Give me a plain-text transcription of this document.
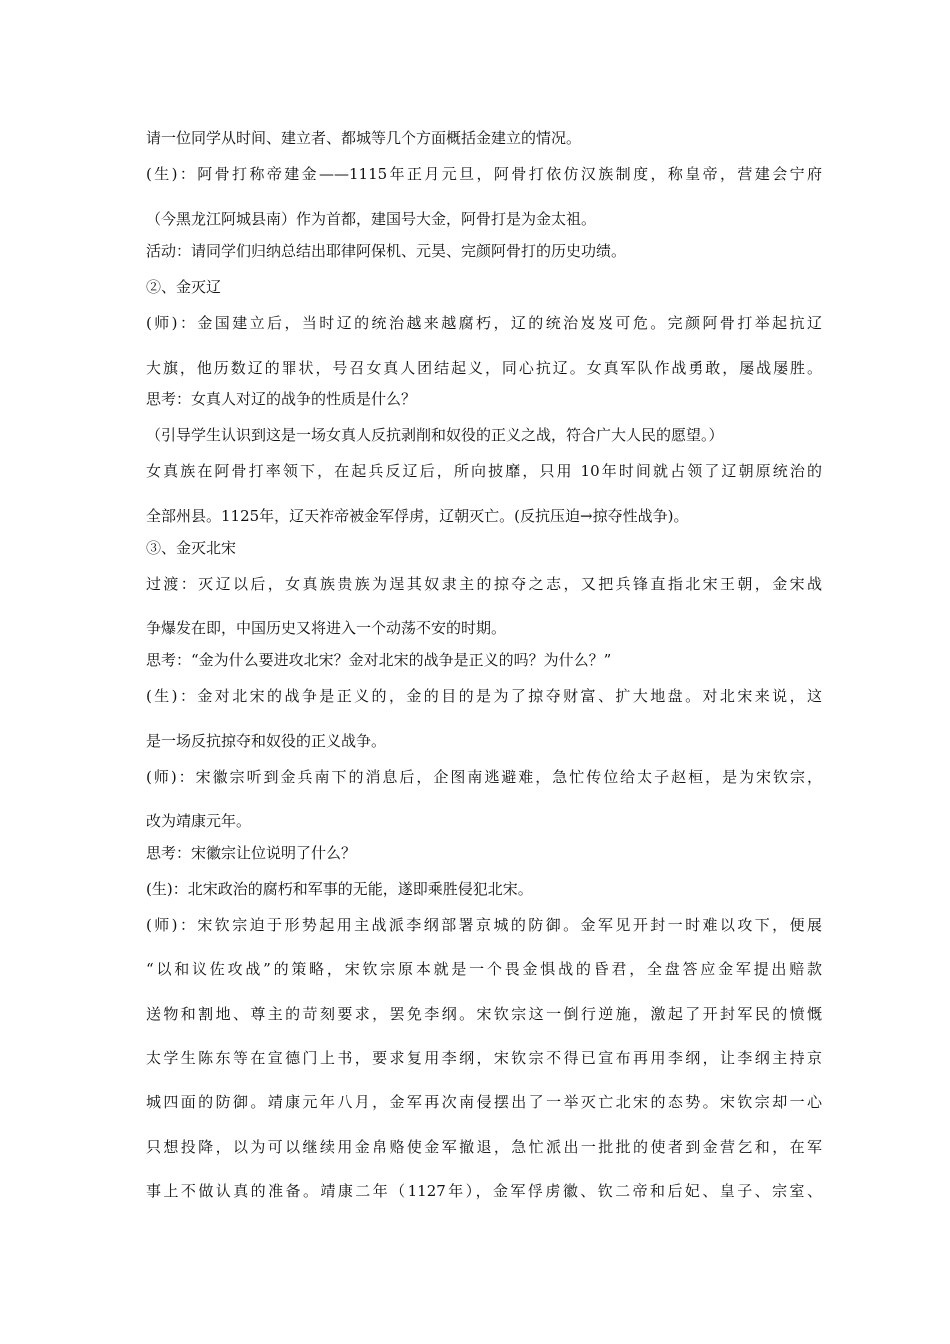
请一位同学从时间、建立者、都城等几个方面概括金建立的情况。
(生)：阿骨打称帝建金——1115年正月元旦，阿骨打依仿汉族制度，称皇帝，营建会宁府
（今黑龙江阿城县南）作为首都，建国号大金，阿骨打是为金太祖。
活动：请同学们归纳总结出耶律阿保机、元昊、完颜阿骨打的历史功绩。
②、金灭辽
(师)：金国建立后，当时辽的统治越来越腐朽，辽的统治岌岌可危。完颜阿骨打举起抗辽
大旗，他历数辽的罪状，号召女真人团结起义，同心抗辽。女真军队作战勇敢，屡战屡胜。
思考：女真人对辽的战争的性质是什么？
（引导学生认识到这是一场女真人反抗剥削和奴役的正义之战，符合广大人民的愿望。）
女真族在阿骨打率领下，在起兵反辽后，所向披靡，只用 10年时间就占领了辽朝原统治的
全部州县。1125年，辽天祚帝被金军俘虏，辽朝灭亡。(反抗压迫→掠夺性战争)。
③、金灭北宋
过渡：灭辽以后，女真族贵族为逞其奴隶主的掠夺之志，又把兵锋直指北宋王朝，金宋战
争爆发在即，中国历史又将进入一个动荡不安的时期。
思考：“金为什么要进攻北宋？金对北宋的战争是正义的吗？为什么？”
(生)：金对北宋的战争是正义的，金的目的是为了掠夺财富、扩大地盘。对北宋来说，这
是一场反抗掠夺和奴役的正义战争。
(师)：宋徽宗听到金兵南下的消息后，企图南逃避难，急忙传位给太子赵桓，是为宋钦宗，
改为靖康元年。
思考：宋徽宗让位说明了什么？
(生)：北宋政治的腐朽和军事的无能，遂即乘胜侵犯北宋。
(师)：宋钦宗迫于形势起用主战派李纲部署京城的防御。金军见开封一时难以攻下，便展
“以和议佐攻战”的策略，宋钦宗原本就是一个畏金惧战的昏君，全盘答应金军提出赔款
送物和割地、尊主的苛刻要求，罢免李纲。宋钦宗这一倒行逆施，激起了开封军民的愤慨
太学生陈东等在宣德门上书，要求复用李纲，宋钦宗不得已宣布再用李纲，让李纲主持京
城四面的防御。靖康元年八月，金军再次南侵摆出了一举灭亡北宋的态势。宋钦宗却一心
只想投降，以为可以继续用金帛赂使金军撤退，急忙派出一批批的使者到金营乞和，在军
事上不做认真的准备。靖康二年（1127年），金军俘虏徽、钦二帝和后妃、皇子、宗室、
